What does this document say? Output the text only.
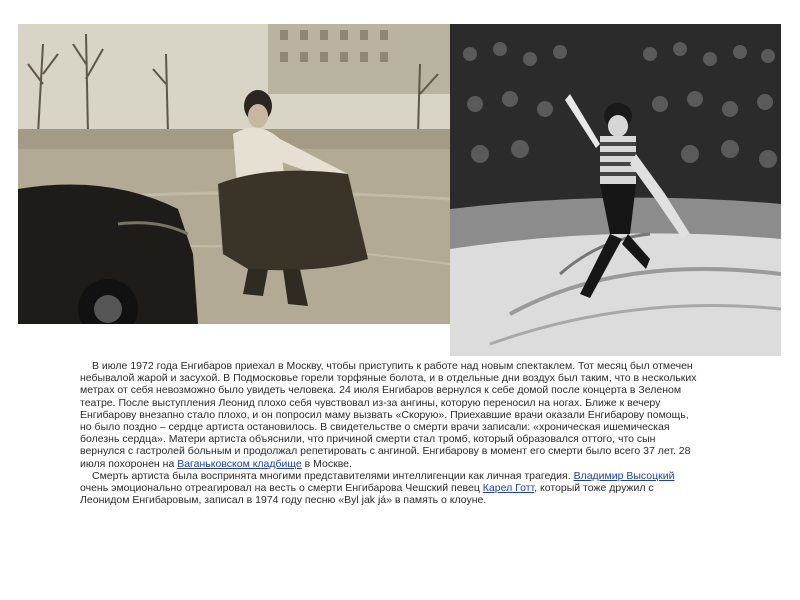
В июле 1972 года Енгибаров приехал в Москву, чтобы приступить к работе над новым спектаклем. Тот месяц был отмечен небывалой жарой и засухой. В Подмосковье горели торфяные болота, и в отдельные дни воздух был таким, что в нескольких метрах от себя невозможно было увидеть человека. 24 июля Енгибаров вернулся к себе домой после концерта в Зеленом театре. После выступления Леонид плохо себя чувствовал из-за ангины, которую переносил на ногах. Ближе к вечеру Енгибарову внезапно стало плохо, и он попросил маму вызвать «Скорую». Приехавшие врачи оказали Енгибарову помощь, но было поздно – сердце артиста остановилось. В свидетельстве о смерти врачи записали: «хроническая ишемическая болезнь сердца». Матери артиста объяснили, что причиной смерти стал тромб, который образовался оттого, что сын вернулся с гастролей больным и продолжал репетировать с ангиной. Енгибарову в момент его смерти было всего 37 лет. 28 июля похоронен на Ваганьковском кладбище в Москве.

Смерть артиста была воспринята многими представителями интеллигенции как личная трагедия. Владимир Высоцкий очень эмоционально отреагировал на весть о смерти Енгибарова Чешский певец Карел Готт, который тоже дружил с Леонидом Енгибаровым, записал в 1974 году песню «Byl jak já» в память о клоуне.
